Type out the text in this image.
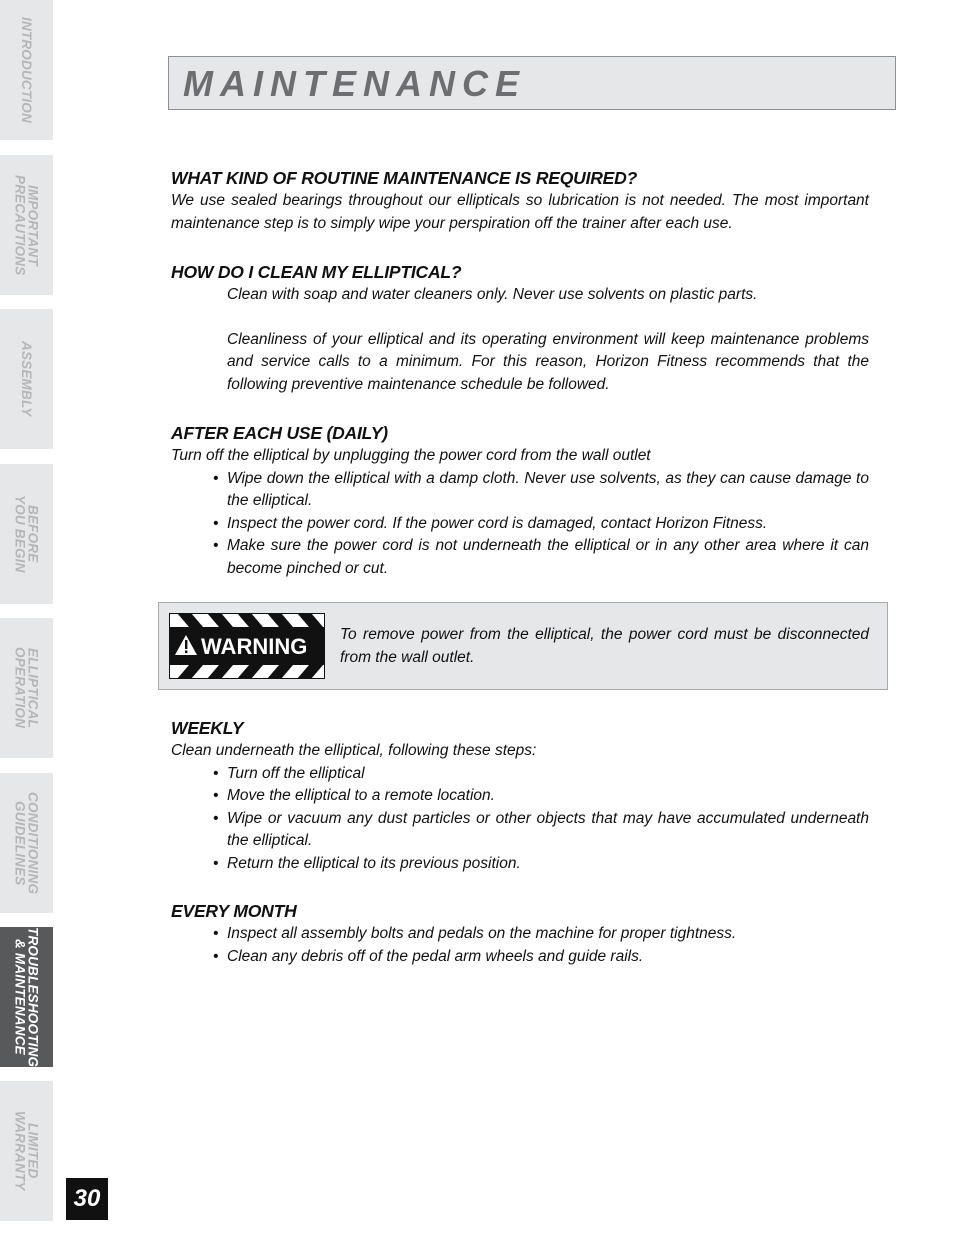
INTRODUCTION
IMPORTANT
PRECAUTIONS
ASSEMBLY
BEFORE
YOU BEGIN
ELLIPTICAL
OPERATION
CONDITIONING
GUIDELINES
TROUBLESHOOTING
& MAINTENANCE
LIMITED
WARRANTY
30
MAINTENANCE
WHAT KIND OF ROUTINE MAINTENANCE IS REQUIRED?

We use sealed bearings throughout our ellipticals so lubrication is not needed. The most important maintenance step is to simply wipe your perspiration off the trainer after each use.

HOW DO I CLEAN MY ELLIPTICAL?

Clean with soap and water cleaners only. Never use solvents on plastic parts.

Cleanliness of your elliptical and its operating environment will keep maintenance problems and service calls to a minimum. For this reason, Horizon Fitness recommends that the following preventive maintenance schedule be followed.

AFTER EACH USE (DAILY)

Turn off the elliptical by unplugging the power cord from the wall outlet

• Wipe down the elliptical with a damp cloth. Never use solvents, as they can cause damage to the elliptical.
• Inspect the power cord. If the power cord is damaged, contact Horizon Fitness.
• Make sure the power cord is not underneath the elliptical or in any other area where it can become pinched or cut.
WARNING To remove power from the elliptical, the power cord must be disconnected from the wall outlet.
WEEKLY

Clean underneath the elliptical, following these steps:

• Turn off the elliptical
• Move the elliptical to a remote location.
• Wipe or vacuum any dust particles or other objects that may have accumulated underneath the elliptical.
• Return the elliptical to its previous position.
EVERY MONTH
• Inspect all assembly bolts and pedals on the machine for proper tightness.
• Clean any debris off of the pedal arm wheels and guide rails.
